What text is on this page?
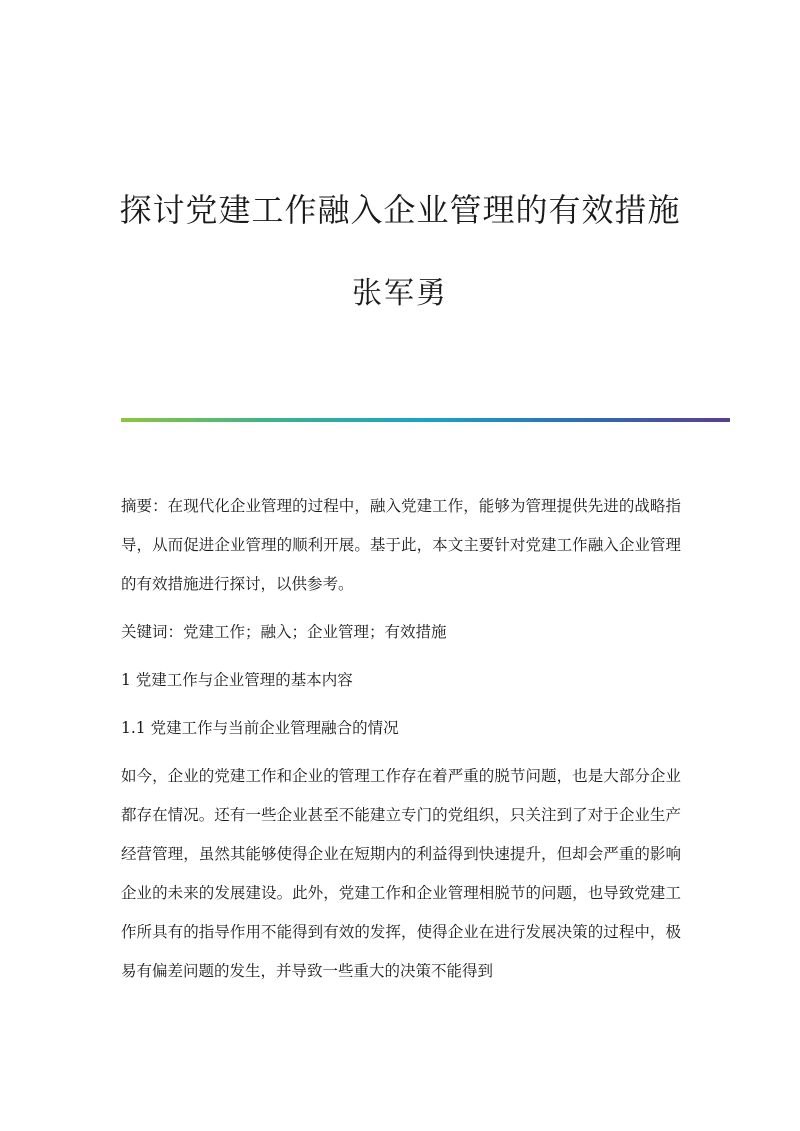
探讨党建工作融入企业管理的有效措施
张军勇

摘要：在现代化企业管理的过程中，融入党建工作，能够为管理提供先进的战略指导，从而促进企业管理的顺利开展。基于此，本文主要针对党建工作融入企业管理的有效措施进行探讨，以供参考。

关键词：党建工作；融入；企业管理；有效措施

1 党建工作与企业管理的基本内容

1.1 党建工作与当前企业管理融合的情况

如今，企业的党建工作和企业的管理工作存在着严重的脱节问题，也是大部分企业都存在情况。还有一些企业甚至不能建立专门的党组织，只关注到了对于企业生产经营管理，虽然其能够使得企业在短期内的利益得到快速提升，但却会严重的影响企业的未来的发展建设。此外，党建工作和企业管理相脱节的问题，也导致党建工作所具有的指导作用不能得到有效的发挥，使得企业在进行发展决策的过程中，极易有偏差问题的发生，并导致一些重大的决策不能得到
